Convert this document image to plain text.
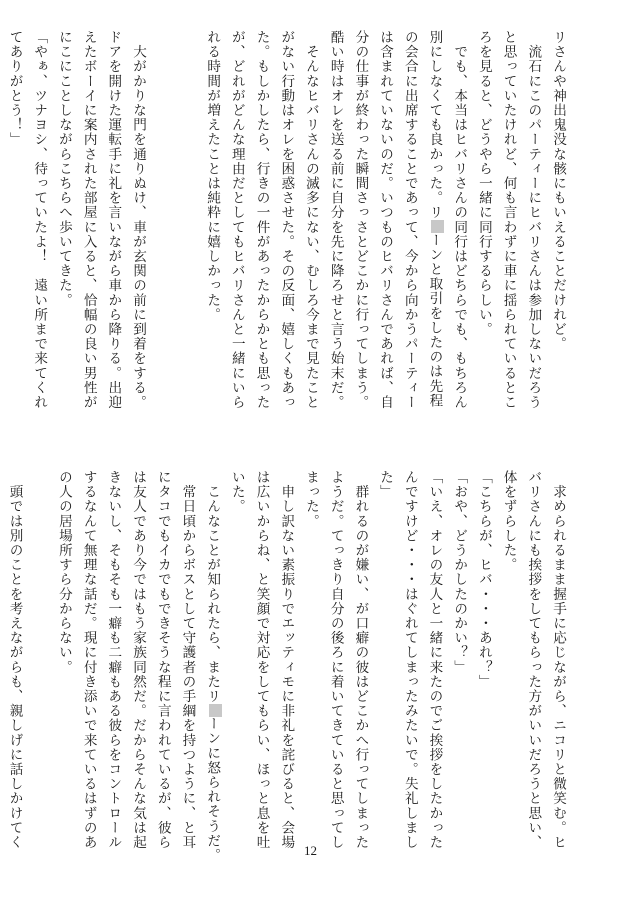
リさんや神出鬼没な骸にもいえることだけれど。

　流石にこのパーティーにヒバリさんは参加しないだろう

と思っていたけれど、何も言わずに車に揺られているとこ

ろを見ると、どうやら一緒に同行するらしい。

　でも、本当はヒバリさんの同行はどちらでも、もちろん

別にしなくても良かった。リーンと取引をしたのは先程

の会合に出席することであって、今から向かうパーティー

は含まれていないのだ。いつものヒバリさんであれば、自

分の仕事が終わった瞬間さっさとどこかに行ってしまう。

酷い時はオレを送る前に自分を先に降ろせと言う始末だ。

　そんなヒバリさんの滅多にない、むしろ今まで見たこと

がない行動はオレを困惑させた。その反面、嬉しくもあっ

た。もしかしたら、行きの一件があったからかとも思った

が、どれがどんな理由だとしてもヒバリさんと一緒にいら

れる時間が増えたことは純粋に嬉しかった。

　大がかりな門を通りぬけ、車が玄関の前に到着をする。

ドアを開けた運転手に礼を言いながら車から降りる。出迎

えたボーイに案内された部屋に入ると、恰幅の良い男性が

にこにことしながらこちらへ歩いてきた。

「やぁ、ツナヨシ、待っていたよ！　遠い所まで来てくれ

てありがとう！」

　求められるまま握手に応じながら、ニコリと微笑む。ヒ

バリさんにも挨拶をしてもらった方がいいだろうと思い、

体をずらした。

「こちらが、ヒバ・・・あれ？」

「おや、どうかしたのかい？」

「いえ、オレの友人と一緒に来たのでご挨拶をしたかった

んですけど・・・はぐれてしまったみたいで。失礼しまし

た」

　群れるのが嫌い、が口癖の彼はどこかへ行ってしまった

ようだ。てっきり自分の後ろに着いてきていると思ってし

まった。

　申し訳ない素振りでエッティモに非礼を詫びると、会場

は広いからね、と笑顔で対応をしてもらい、ほっと息を吐

いた。

　こんなことが知られたら、またリーンに怒られそうだ。

　常日頃からボスとして守護者の手綱を持つように、と耳

にタコでもイカでもできそうな程に言われているが、彼ら

は友人であり今ではもう家族同然だ。だからそんな気は起

きないし、そもそも一癖も二癖もある彼らをコントロール

するなんて無理な話だ。現に付き添いで来ているはずのあ

の人の居場所すら分からない。

　頭では別のことを考えながらも、親しげに話しかけてく

12
